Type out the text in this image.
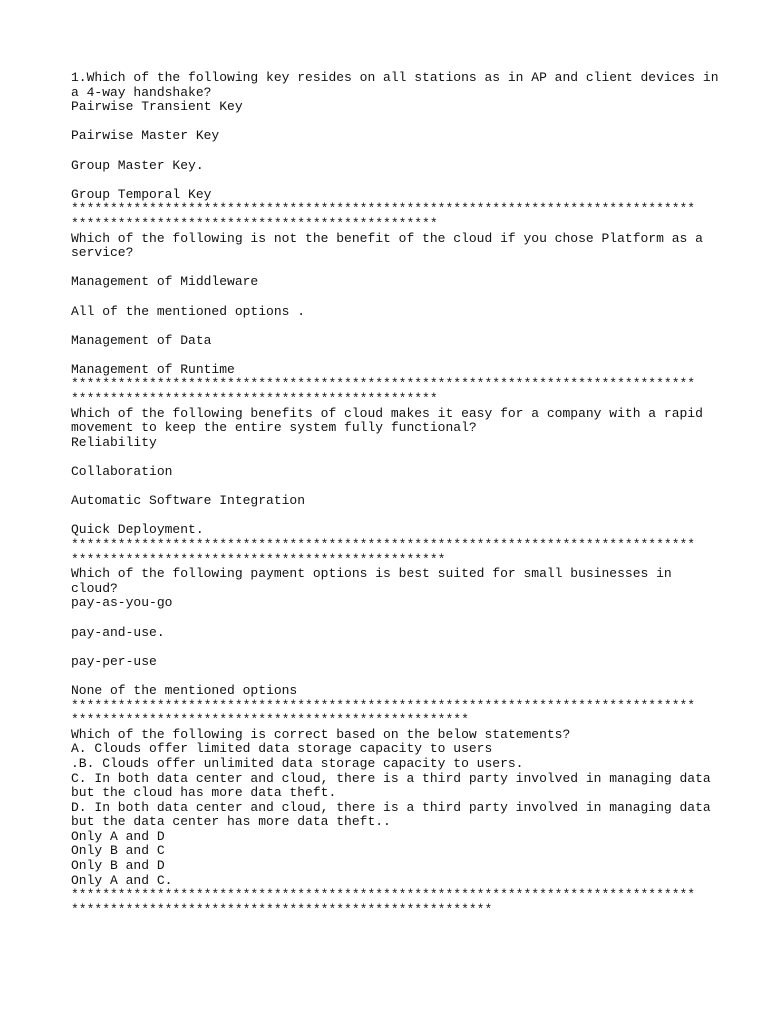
1.Which of the following key resides on all stations as in AP and client devices in
a 4-way handshake?
Pairwise Transient Key
Pairwise Master Key
Group Master Key.
Group Temporal Key
********************************************************************************
***********************************************
Which of the following is not the benefit of the cloud if you chose Platform as a
service?
Management of Middleware
All of the mentioned options .
Management of Data
Management of Runtime
********************************************************************************
***********************************************
Which of the following benefits of cloud makes it easy for a company with a rapid
movement to keep the entire system fully functional?
Reliability
Collaboration
Automatic Software Integration
Quick Deployment.
********************************************************************************
************************************************
Which of the following payment options is best suited for small businesses in
cloud?
pay-as-you-go
pay-and-use.
pay-per-use
None of the mentioned options
********************************************************************************
***************************************************
Which of the following is correct based on the below statements?
A. Clouds offer limited data storage capacity to users
.B. Clouds offer unlimited data storage capacity to users.
C. In both data center and cloud, there is a third party involved in managing data
but the cloud has more data theft.
D. In both data center and cloud, there is a third party involved in managing data
but the data center has more data theft..
Only A and D
Only B and C
Only B and D
Only A and C.
********************************************************************************
******************************************************
